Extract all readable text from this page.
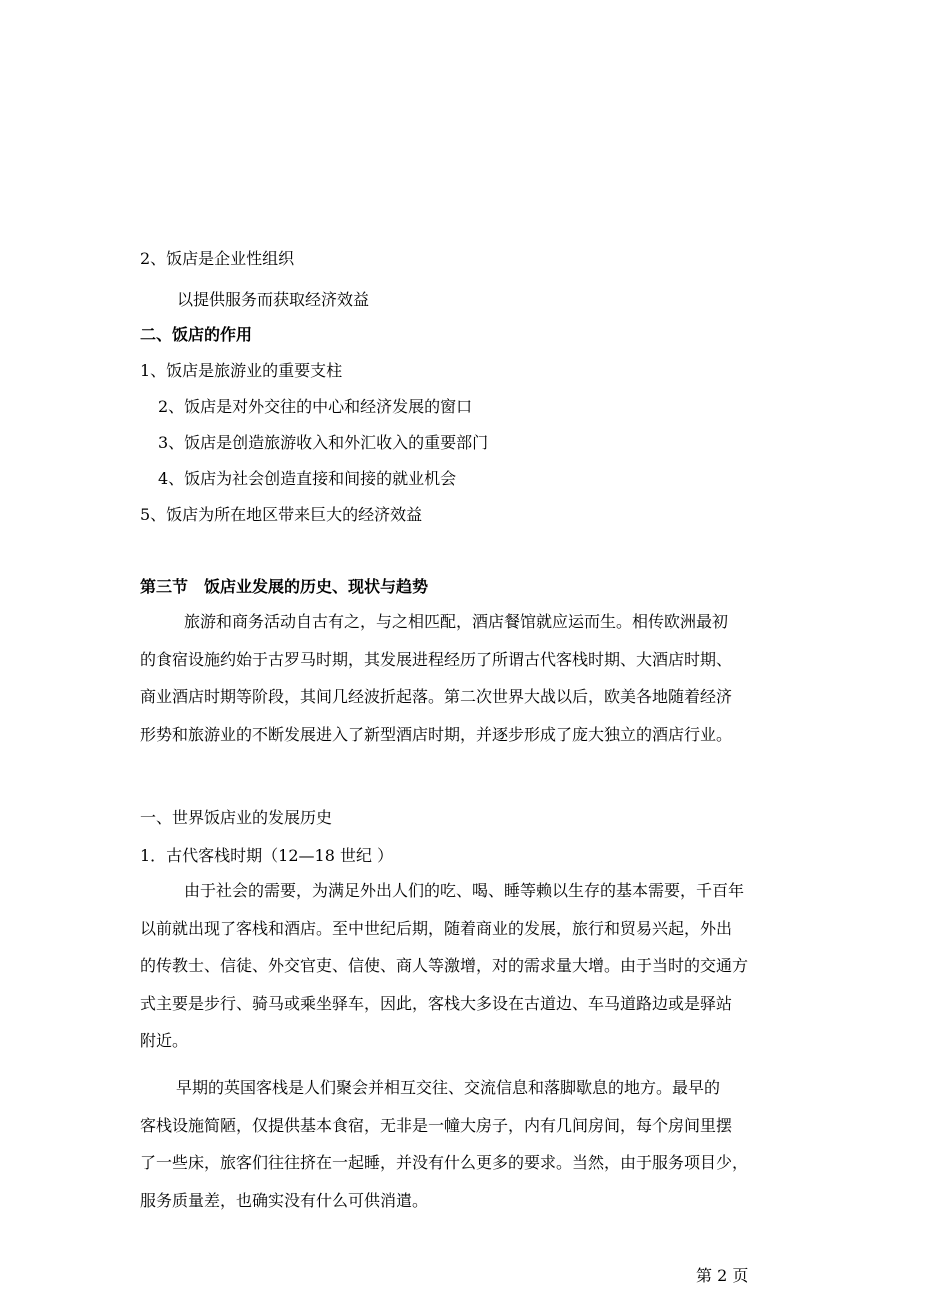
2、饭店是企业性组织
以提供服务而获取经济效益
二、饭店的作用
1、饭店是旅游业的重要支柱
2、饭店是对外交往的中心和经济发展的窗口
3、饭店是创造旅游收入和外汇收入的重要部门
4、饭店为社会创造直接和间接的就业机会
5、饭店为所在地区带来巨大的经济效益
第三节　饭店业发展的历史、现状与趋势
旅游和商务活动自古有之，与之相匹配，酒店餐馆就应运而生。相传欧洲最初
的食宿设施约始于古罗马时期，其发展进程经历了所谓古代客栈时期、大酒店时期、
商业酒店时期等阶段，其间几经波折起落。第二次世界大战以后，欧美各地随着经济
形势和旅游业的不断发展进入了新型酒店时期，并逐步形成了庞大独立的酒店行业。
一、世界饭店业的发展历史
1．古代客栈时期（12—18 世纪 ）
由于社会的需要，为满足外出人们的吃、喝、睡等赖以生存的基本需要，千百年
以前就出现了客栈和酒店。至中世纪后期，随着商业的发展，旅行和贸易兴起，外出
的传教士、信徒、外交官吏、信使、商人等激增，对的需求量大增。由于当时的交通方
式主要是步行、骑马或乘坐驿车，因此，客栈大多设在古道边、车马道路边或是驿站
附近。
早期的英国客栈是人们聚会并相互交往、交流信息和落脚歇息的地方。最早的
客栈设施简陋，仅提供基本食宿，无非是一幢大房子，内有几间房间，每个房间里摆
了一些床，旅客们往往挤在一起睡，并没有什么更多的要求。当然，由于服务项目少，
服务质量差，也确实没有什么可供消遣。
第 2 页
